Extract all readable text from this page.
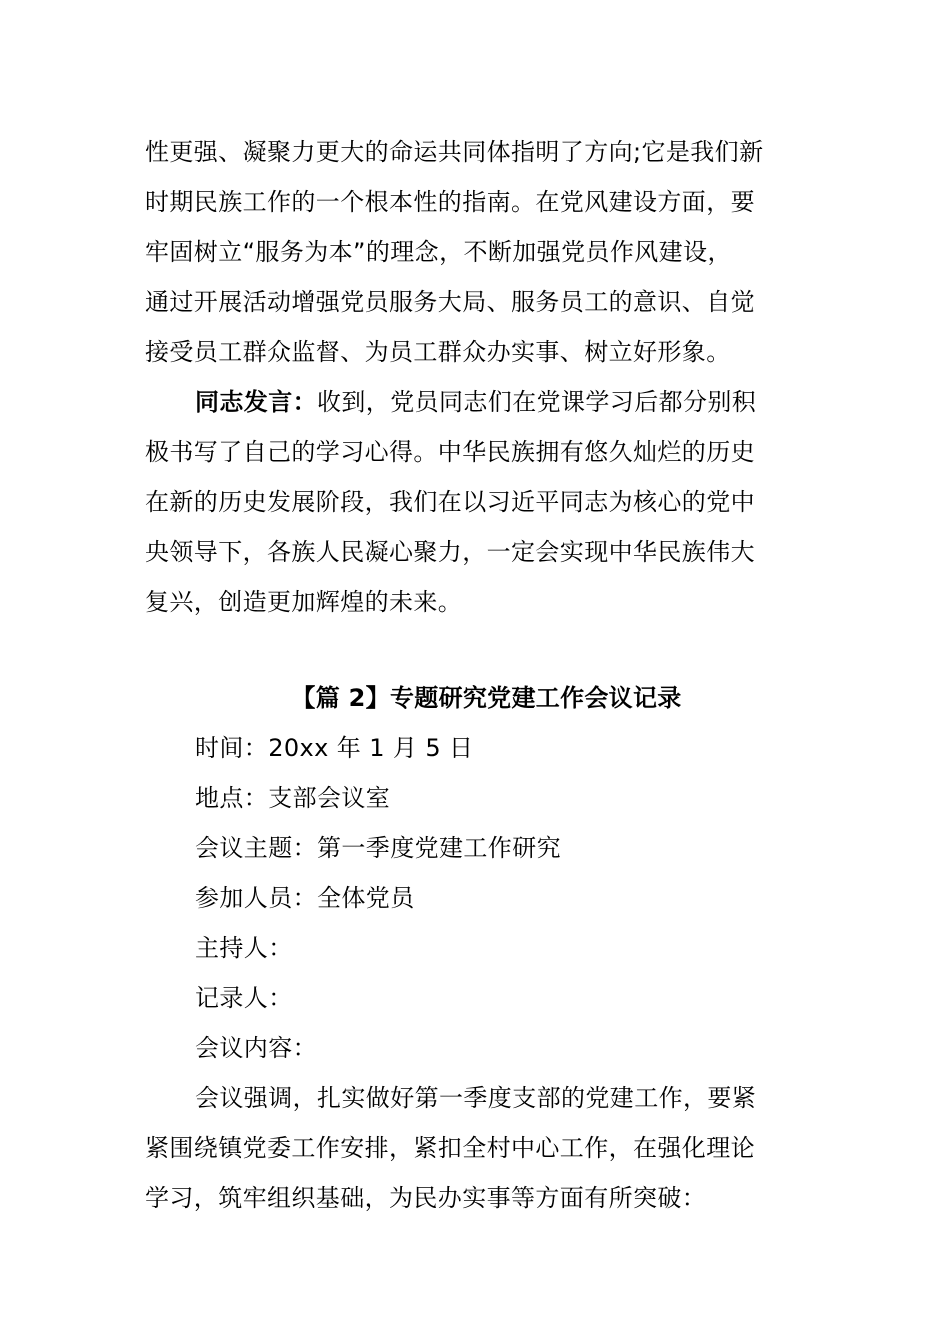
性更强、凝聚力更大的命运共同体指明了方向;它是我们新
时期民族工作的一个根本性的指南。在党风建设方面，要
牢固树立“服务为本”的理念，不断加强党员作风建设，
通过开展活动增强党员服务大局、服务员工的意识、自觉
接受员工群众监督、为员工群众办实事、树立好形象。
同志发言：收到，党员同志们在党课学习后都分别积
极书写了自己的学习心得。中华民族拥有悠久灿烂的历史
在新的历史发展阶段，我们在以习近平同志为核心的党中
央领导下，各族人民凝心聚力，一定会实现中华民族伟大
复兴，创造更加辉煌的未来。
【篇 2】专题研究党建工作会议记录
时间：20xx 年 1 月 5 日
地点：支部会议室
会议主题：第一季度党建工作研究
参加人员：全体党员
主持人：
记录人：
会议内容：
会议强调，扎实做好第一季度支部的党建工作，要紧
紧围绕镇党委工作安排，紧扣全村中心工作，在强化理论
学习，筑牢组织基础，为民办实事等方面有所突破：
